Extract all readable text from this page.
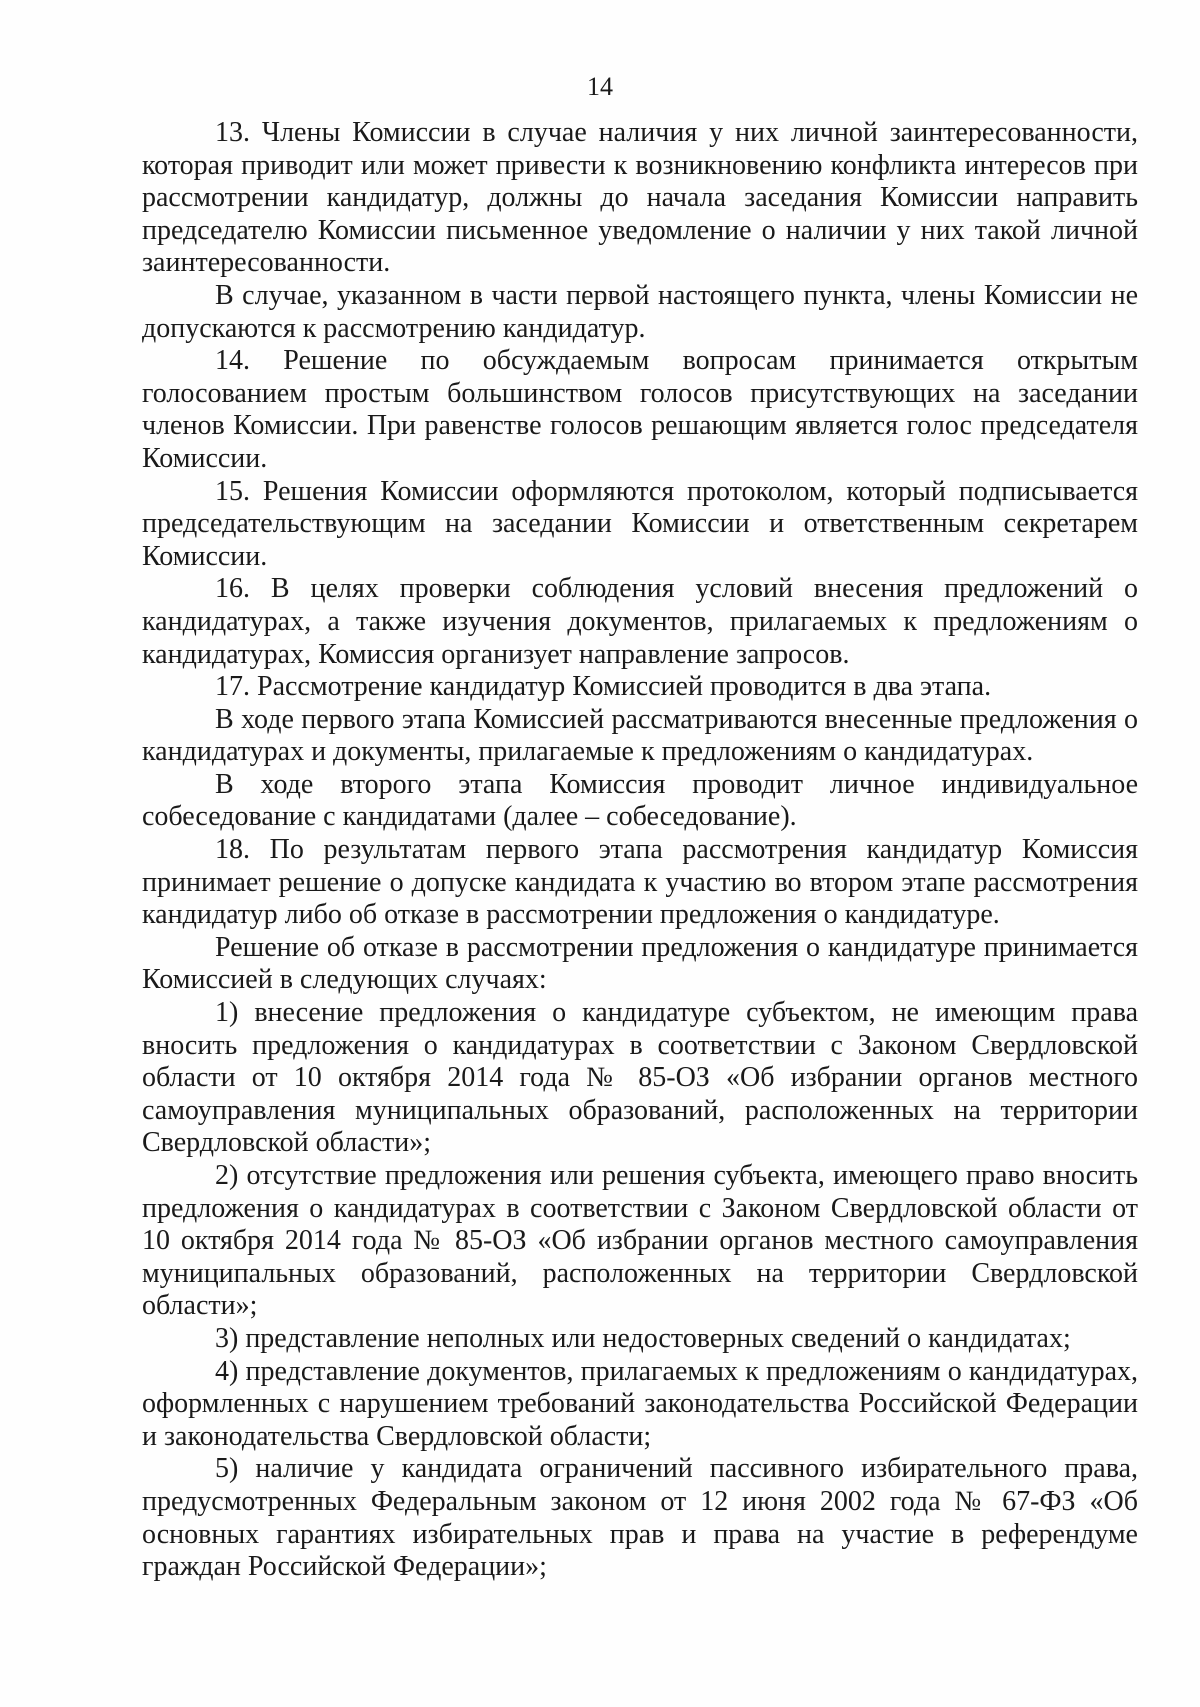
14

13. Члены Комиссии в случае наличия у них личной заинтересованности, которая приводит или может привести к возникновению конфликта интересов при рассмотрении кандидатур, должны до начала заседания Комиссии направить председателю Комиссии письменное уведомление о наличии у них такой личной заинтересованности.

В случае, указанном в части первой настоящего пункта, члены Комиссии не допускаются к рассмотрению кандидатур.

14. Решение по обсуждаемым вопросам принимается открытым голосованием простым большинством голосов присутствующих на заседании членов Комиссии. При равенстве голосов решающим является голос председателя Комиссии.

15. Решения Комиссии оформляются протоколом, который подписывается председательствующим на заседании Комиссии и ответственным секретарем Комиссии.

16. В целях проверки соблюдения условий внесения предложений о кандидатурах, а также изучения документов, прилагаемых к предложениям о кандидатурах, Комиссия организует направление запросов.

17. Рассмотрение кандидатур Комиссией проводится в два этапа.

В ходе первого этапа Комиссией рассматриваются внесенные предложения о кандидатурах и документы, прилагаемые к предложениям о кандидатурах.

В ходе второго этапа Комиссия проводит личное индивидуальное собеседование с кандидатами (далее – собеседование).

18. По результатам первого этапа рассмотрения кандидатур Комиссия принимает решение о допуске кандидата к участию во втором этапе рассмотрения кандидатур либо об отказе в рассмотрении предложения о кандидатуре.

Решение об отказе в рассмотрении предложения о кандидатуре принимается Комиссией в следующих случаях:

1) внесение предложения о кандидатуре субъектом, не имеющим права вносить предложения о кандидатурах в соответствии с Законом Свердловской области от 10 октября 2014 года № 85-ОЗ «Об избрании органов местного самоуправления муниципальных образований, расположенных на территории Свердловской области»;

2) отсутствие предложения или решения субъекта, имеющего право вносить предложения о кандидатурах в соответствии с Законом Свердловской области от 10 октября 2014 года № 85-ОЗ «Об избрании органов местного самоуправления муниципальных образований, расположенных на территории Свердловской области»;

3) представление неполных или недостоверных сведений о кандидатах;

4) представление документов, прилагаемых к предложениям о кандидатурах, оформленных с нарушением требований законодательства Российской Федерации и законодательства Свердловской области;

5) наличие у кандидата ограничений пассивного избирательного права, предусмотренных Федеральным законом от 12 июня 2002 года № 67-ФЗ «Об основных гарантиях избирательных прав и права на участие в референдуме граждан Российской Федерации»;
